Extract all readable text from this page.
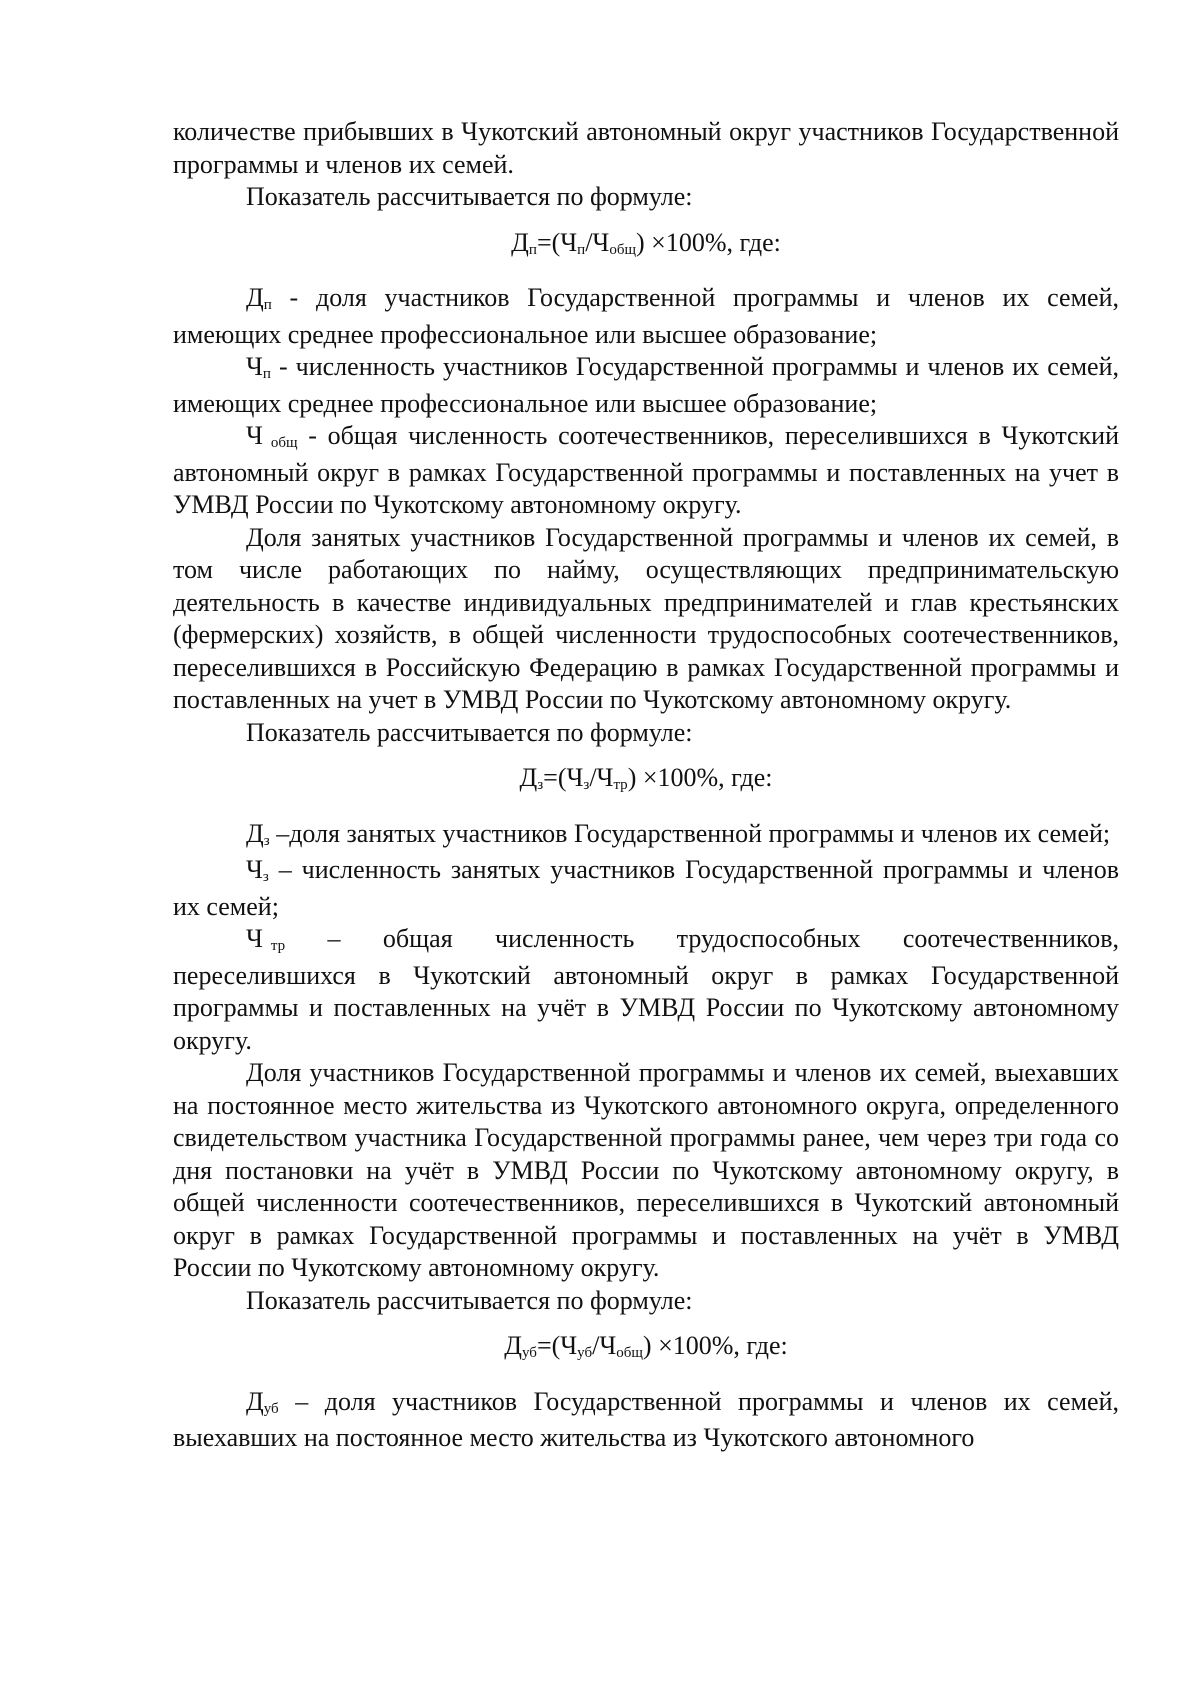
количестве прибывших в Чукотский автономный округ участников Государственной программы и членов их семей.

Показатель рассчитывается по формуле:

Дп=(Чп/Чобщ) ×100%, где:

Дп - доля участников Государственной программы и членов их семей, имеющих среднее профессиональное или высшее образование;

Чп - численность участников Государственной программы и членов их семей, имеющих среднее профессиональное или высшее образование;

Чобщ - общая численность соотечественников, переселившихся в Чукотский автономный округ в рамках Государственной программы и поставленных на учет в УМВД России по Чукотскому автономному округу.

Доля занятых участников Государственной программы и членов их семей, в том числе работающих по найму, осуществляющих предпринимательскую деятельность в качестве индивидуальных предпринимателей и глав крестьянских (фермерских) хозяйств, в общей численности трудоспособных соотечественников, переселившихся в Российскую Федерацию в рамках Государственной программы и поставленных на учет в УМВД России по Чукотскому автономному округу.

Показатель рассчитывается по формуле:

Дз=(Чз/Чтр) ×100%, где:

Дз –доля занятых участников Государственной программы и членов их семей;

Чз – численность занятых участников Государственной программы и членов их семей;

Чтр – общая численность трудоспособных соотечественников, переселившихся в Чукотский автономный округ в рамках Государственной программы и поставленных на учёт в УМВД России по Чукотскому автономному округу.

Доля участников Государственной программы и членов их семей, выехавших на постоянное место жительства из Чукотского автономного округа, определенного свидетельством участника Государственной программы ранее, чем через три года со дня постановки на учёт в УМВД России по Чукотскому автономному округу, в общей численности соотечественников, переселившихся в Чукотский автономный округ в рамках Государственной программы и поставленных на учёт в УМВД России по Чукотскому автономному округу.

Показатель рассчитывается по формуле:

Дуб=(Чуб/Чобщ) ×100%, где:

Дуб – доля участников Государственной программы и членов их семей, выехавших на постоянное место жительства из Чукотского автономного
